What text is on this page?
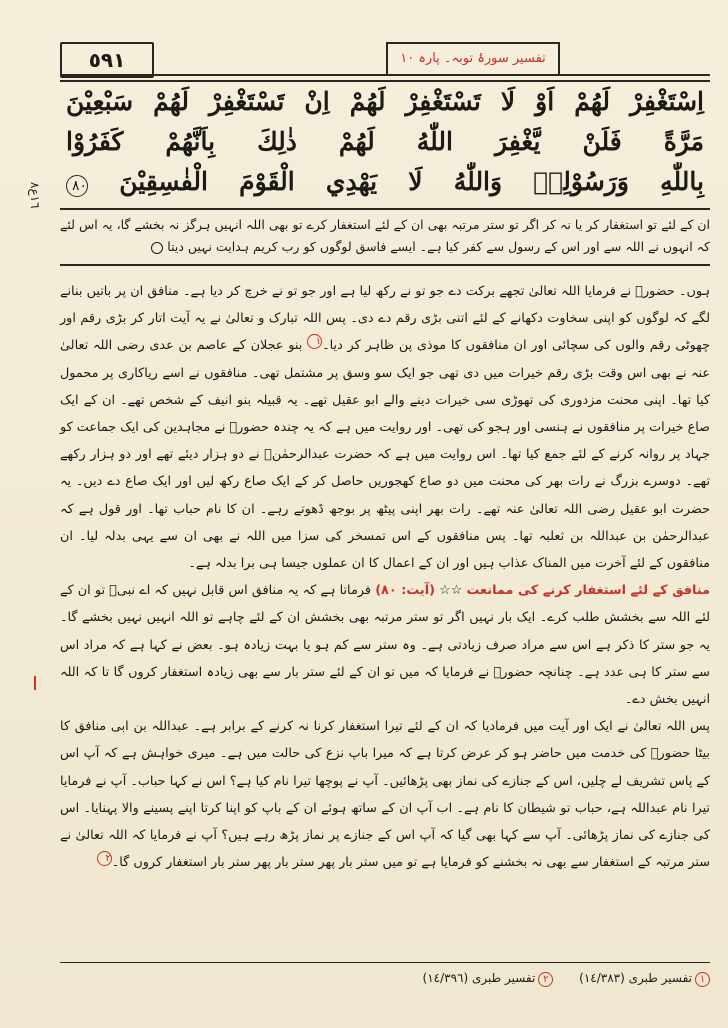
٥٩١	تفسیر سورۂ توبہ۔ پارہ ١٠
١٦ع٨
اِسْتَغْفِرْ لَهُمْ اَوْ لَا تَسْتَغْفِرْ لَهُمْ اِنْ تَسْتَغْفِرْ لَهُمْ سَبْعِيْنَ
مَرَّةً فَلَنْ يَّغْفِرَ اللّٰهُ لَهُمْ ذٰلِكَ بِاَنَّهُمْ كَفَرُوْا
بِاللّٰهِ وَرَسُوْلِهٖ وَاللّٰهُ لَا يَهْدِي الْقَوْمَ الْفٰسِقِيْنَ ٨٠
ان کے لئے تو استغفار کر یا نہ کر اگر تو ستر مرتبہ بھی ان کے لئے استغفار کرے تو بھی اللہ انہیں ہرگز نہ بخشے گا، یہ اس لئے کہ انہوں نے اللہ سے اور اس کے رسول سے کفر کیا ہے۔ ایسے فاسق لوگوں کو رب کریم ہدایت نہیں دیتا

ہوں۔ حضورؐ نے فرمایا اللہ تعالیٰ تجھے برکت دے جو تو نے رکھ لیا ہے اور جو تو نے خرچ کر دیا ہے۔ منافق ان پر باتیں بنانے لگے کہ لوگوں کو اپنی سخاوت دکھانے کے لئے اتنی بڑی رقم دے دی۔ پس اللہ تبارک و تعالیٰ نے یہ آیت اتار کر بڑی رقم اور چھوٹی رقم والوں کی سچائی اور ان منافقوں کا موذی پن ظاہر کر دیا۔١ بنو عجلان کے عاصم بن عدی رضی اللہ تعالیٰ عنہ نے بھی اس وقت بڑی رقم خیرات میں دی تھی جو ایک سو وسق پر مشتمل تھی۔ منافقوں نے اسے ریاکاری پر محمول کیا تھا۔ اپنی محنت مزدوری کی تھوڑی سی خیرات دینے والے ابو عقیل تھے۔ یہ قبیلہ بنو انیف کے شخص تھے۔ ان کے ایک صاع خیرات پر منافقوں نے ہنسی اور ہجو کی تھی۔ اور روایت میں ہے کہ یہ چندہ حضورؐ نے مجاہدین کی ایک جماعت کو جہاد پر روانہ کرنے کے لئے جمع کیا تھا۔ اس روایت میں ہے کہ حضرت عبدالرحمٰنؓ نے دو ہزار دیئے تھے اور دو ہزار رکھے تھے۔ دوسرے بزرگ نے رات بھر کی محنت میں دو صاع کھجوریں حاصل کر کے ایک صاع رکھ لیں اور ایک صاع دے دیں۔ یہ حضرت ابو عقیل رضی اللہ تعالیٰ عنہ تھے۔ رات بھر اپنی پیٹھ پر بوجھ ڈھوتے رہے۔ ان کا نام حباب تھا۔ اور قول ہے کہ عبدالرحمٰن بن عبداللہ بن ثعلبہ تھا۔ پس منافقوں کے اس تمسخر کی سزا میں اللہ نے بھی ان سے یہی بدلہ لیا۔ ان منافقوں کے لئے آخرت میں المناک عذاب ہیں اور ان کے اعمال کا ان عملوں جیسا ہی برا بدلہ ہے۔

منافق کے لئے استغفار کرنے کی ممانعت ☆☆ (آیت: ٨٠) فرماتا ہے کہ یہ منافق اس قابل نہیں کہ اے نبیؐ تو ان کے لئے اللہ سے بخشش طلب کرے۔ ایک بار نہیں اگر تو ستر مرتبہ بھی بخشش ان کے لئے چاہے تو اللہ انہیں نہیں بخشے گا۔ یہ جو ستر کا ذکر ہے اس سے مراد صرف زیادتی ہے۔ وہ ستر سے کم ہو یا بہت زیادہ ہو۔ بعض نے کہا ہے کہ مراد اس سے ستر کا ہی عدد ہے۔ چنانچہ حضورؐ نے فرمایا کہ میں تو ان کے لئے ستر بار سے بھی زیادہ استغفار کروں گا تا کہ اللہ انہیں بخش دے۔

پس اللہ تعالیٰ نے ایک اور آیت میں فرمادیا کہ ان کے لئے تیرا استغفار کرنا نہ کرنے کے برابر ہے۔ عبداللہ بن ابی منافق کا بیٹا حضورؐ کی خدمت میں حاضر ہو کر عرض کرتا ہے کہ میرا باپ نزع کی حالت میں ہے۔ میری خواہش ہے کہ آپ اس کے پاس تشریف لے چلیں، اس کے جنازے کی نماز بھی پڑھائیں۔ آپ نے پوچھا تیرا نام کیا ہے؟ اس نے کہا حباب۔ آپ نے فرمایا تیرا نام عبداللہ ہے، حباب تو شیطان کا نام ہے۔ اب آپ ان کے ساتھ ہوئے ان کے باپ کو اپنا کرتا اپنے پسینے والا پہنایا۔ اس کی جنازے کی نماز پڑھائی۔ آپ سے کہا بھی گیا کہ آپ اس کے جنازے پر نماز پڑھ رہے ہیں؟ آپ نے فرمایا کہ اللہ تعالیٰ نے ستر مرتبہ کے استغفار سے بھی نہ بخشنے کو فرمایا ہے تو میں ستر بار پھر ستر بار پھر ستر بار استغفار کروں گا۔٢

١تفسیر طبری (١٤/٣٨٣) ٢تفسیر طبری (١٤/٣٩٦)
